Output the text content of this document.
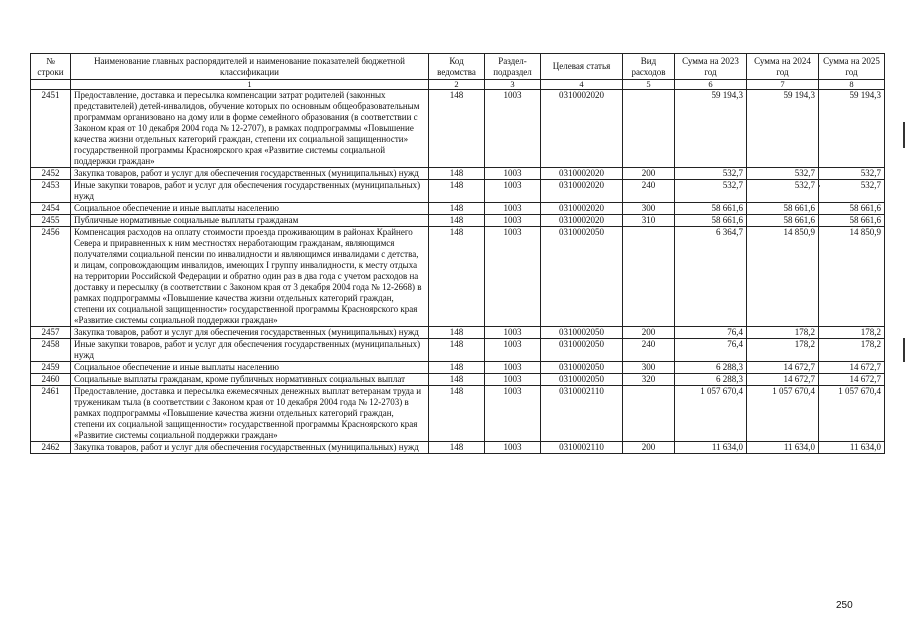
№ строки	Наименование главных распорядителей и наименование показателей бюджетной классификации	Код ведомства	Раздел-подраздел	Целевая статья	Вид расходов	Сумма на 2023 год	Сумма на 2024 год	Сумма на 2025 год
	1	2	3	4	5	6	7	8
2451	Предоставление, доставка и пересылка компенсации затрат родителей (законных представителей) детей-инвалидов, обучение которых по основным общеобразовательным программам организовано на дому или в форме семейного образования (в соответствии с Законом края от 10 декабря 2004 года № 12-2707), в рамках подпрограммы «Повышение качества жизни отдельных категорий граждан, степени их социальной защищенности» государственной программы Красноярского края «Развитие системы социальной поддержки граждан»	148	1003	0310002020		59 194,3	59 194,3	59 194,3
2452	Закупка товаров, работ и услуг для обеспечения государственных (муниципальных) нужд	148	1003	0310002020	200	532,7	532,7	532,7
2453	Иные закупки товаров, работ и услуг для обеспечения государственных (муниципальных) нужд	148	1003	0310002020	240	532,7	532,7	532,7
2454	Социальное обеспечение и иные выплаты населению	148	1003	0310002020	300	58 661,6	58 661,6	58 661,6
2455	Публичные нормативные социальные выплаты гражданам	148	1003	0310002020	310	58 661,6	58 661,6	58 661,6
2456	Компенсация расходов на оплату стоимости проезда проживающим в районах Крайнего Севера и приравненных к ним местностях неработающим гражданам, являющимся получателями социальной пенсии по инвалидности и являющимся инвалидами с детства, и лицам, сопровождающим инвалидов, имеющих I группу инвалидности, к месту отдыха на территории Российской Федерации и обратно один раз в два года с учетом расходов на доставку и пересылку (в соответствии с Законом края от 3 декабря 2004 года № 12-2668) в рамках подпрограммы «Повышение качества жизни отдельных категорий граждан, степени их социальной защищенности» государственной программы Красноярского края «Развитие системы социальной поддержки граждан»	148	1003	0310002050		6 364,7	14 850,9	14 850,9
2457	Закупка товаров, работ и услуг для обеспечения государственных (муниципальных) нужд	148	1003	0310002050	200	76,4	178,2	178,2
2458	Иные закупки товаров, работ и услуг для обеспечения государственных (муниципальных) нужд	148	1003	0310002050	240	76,4	178,2	178,2
2459	Социальное обеспечение и иные выплаты населению	148	1003	0310002050	300	6 288,3	14 672,7	14 672,7
2460	Социальные выплаты гражданам, кроме публичных нормативных социальных выплат	148	1003	0310002050	320	6 288,3	14 672,7	14 672,7
2461	Предоставление, доставка и пересылка ежемесячных денежных выплат ветеранам труда и труженикам тыла (в соответствии с Законом края от 10 декабря 2004 года № 12-2703) в рамках подпрограммы «Повышение качества жизни отдельных категорий граждан, степени их социальной защищенности» государственной программы Красноярского края «Развитие системы социальной поддержки граждан»	148	1003	0310002110		1 057 670,4	1 057 670,4	1 057 670,4
2462	Закупка товаров, работ и услуг для обеспечения государственных (муниципальных) нужд	148	1003	0310002110	200	11 634,0	11 634,0	11 634,0
250
